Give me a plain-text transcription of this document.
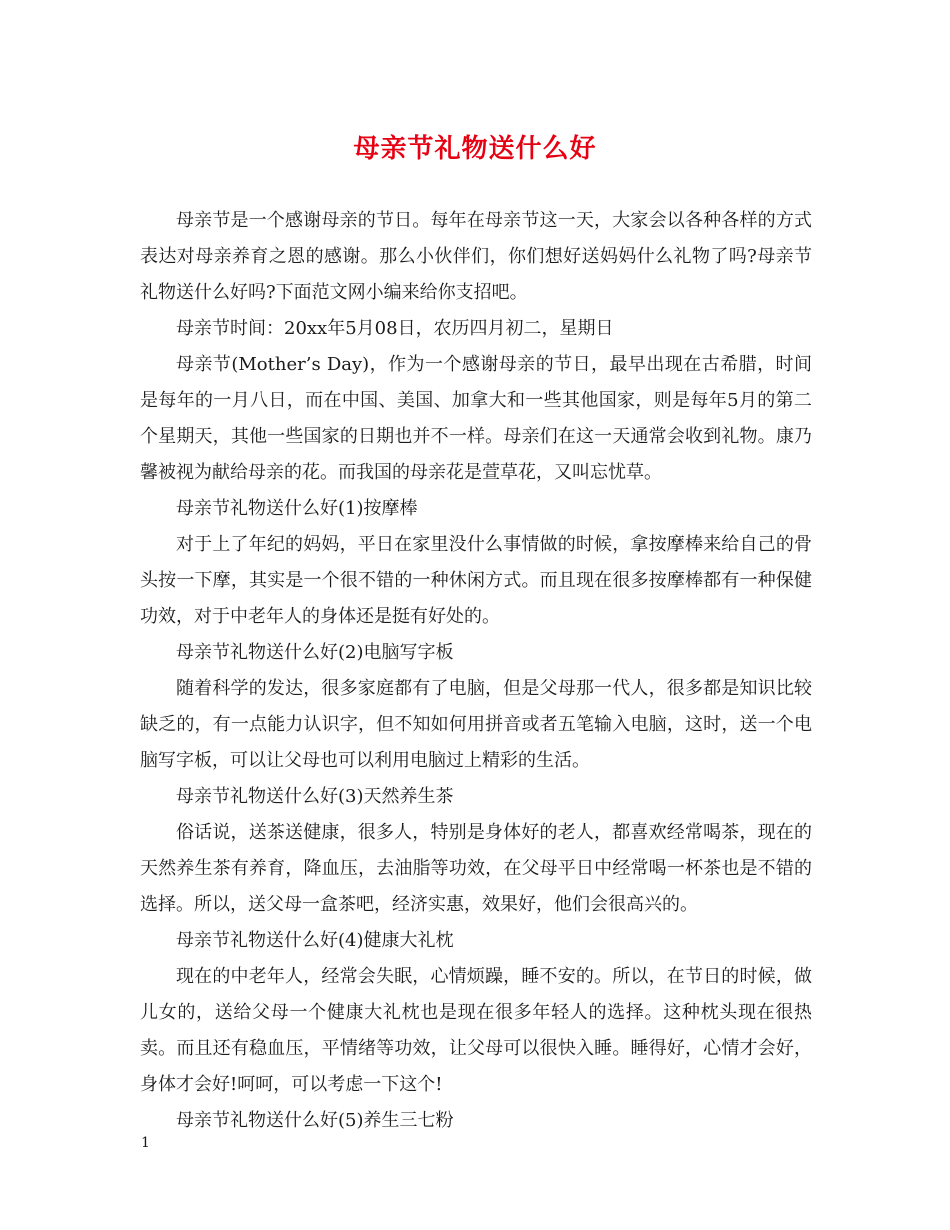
母亲节礼物送什么好

母亲节是一个感谢母亲的节日。每年在母亲节这一天，大家会以各种各样的方式表达对母亲养育之恩的感谢。那么小伙伴们，你们想好送妈妈什么礼物了吗?母亲节礼物送什么好吗?下面范文网小编来给你支招吧。

母亲节时间：20xx年5月08日，农历四月初二，星期日

母亲节(Mother’s Day)，作为一个感谢母亲的节日，最早出现在古希腊，时间是每年的一月八日，而在中国、美国、加拿大和一些其他国家，则是每年5月的第二个星期天，其他一些国家的日期也并不一样。母亲们在这一天通常会收到礼物。康乃馨被视为献给母亲的花。而我国的母亲花是萱草花，又叫忘忧草。

母亲节礼物送什么好(1)按摩棒

对于上了年纪的妈妈，平日在家里没什么事情做的时候，拿按摩棒来给自己的骨头按一下摩，其实是一个很不错的一种休闲方式。而且现在很多按摩棒都有一种保健功效，对于中老年人的身体还是挺有好处的。

母亲节礼物送什么好(2)电脑写字板

随着科学的发达，很多家庭都有了电脑，但是父母那一代人，很多都是知识比较缺乏的，有一点能力认识字，但不知如何用拼音或者五笔输入电脑，这时，送一个电脑写字板，可以让父母也可以利用电脑过上精彩的生活。

母亲节礼物送什么好(3)天然养生茶

俗话说，送茶送健康，很多人，特别是身体好的老人，都喜欢经常喝茶，现在的天然养生茶有养育，降血压，去油脂等功效，在父母平日中经常喝一杯茶也是不错的选择。所以，送父母一盒茶吧，经济实惠，效果好，他们会很高兴的。

母亲节礼物送什么好(4)健康大礼枕

现在的中老年人，经常会失眠，心情烦躁，睡不安的。所以，在节日的时候，做儿女的，送给父母一个健康大礼枕也是现在很多年轻人的选择。这种枕头现在很热卖。而且还有稳血压，平情绪等功效，让父母可以很快入睡。睡得好，心情才会好，身体才会好!呵呵，可以考虑一下这个!

母亲节礼物送什么好(5)养生三七粉

1
